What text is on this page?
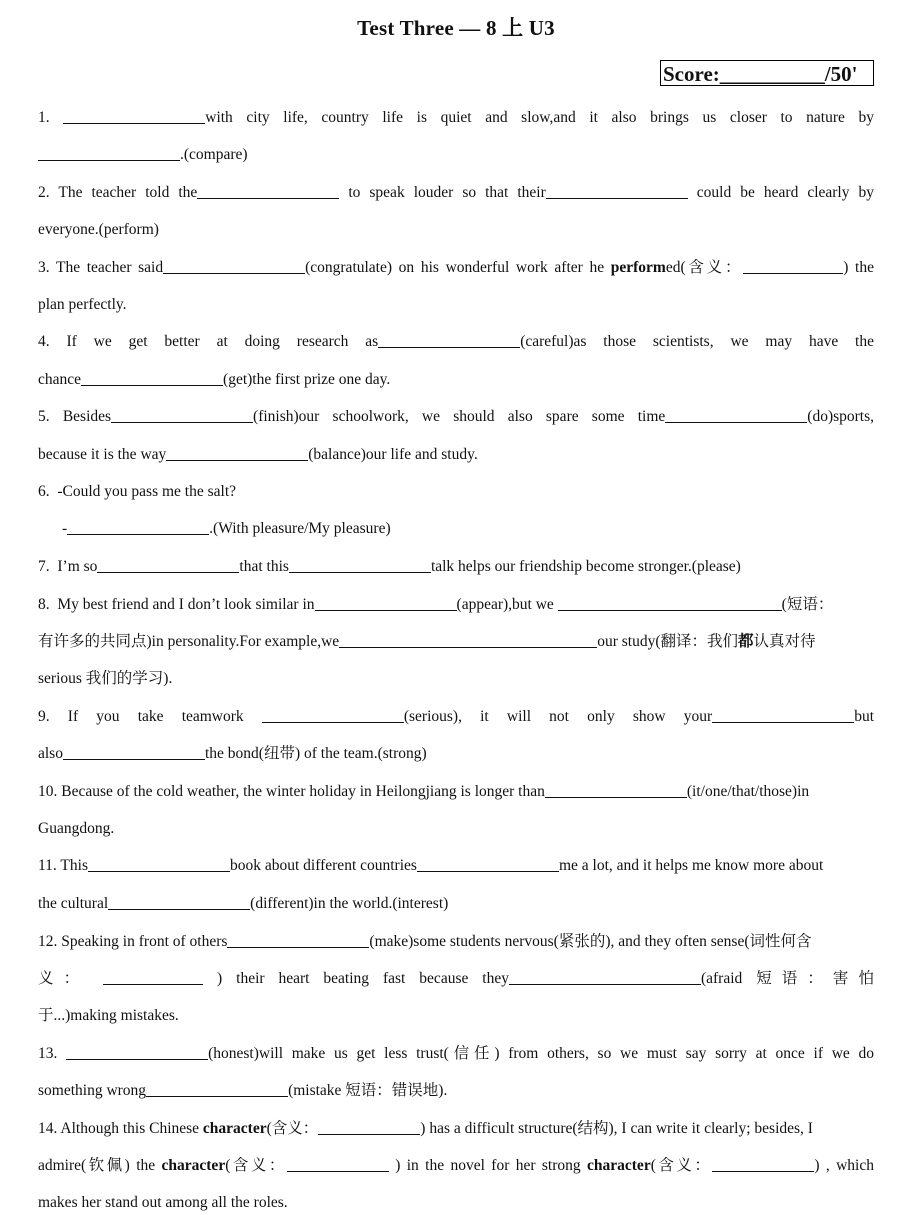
Test Three — 8 上 U3
Score:__________/50'
1.	with city life, country life is quiet and slow,and it also brings us closer to nature by
.(compare)
2. The teacher told the	to speak louder so that their	could be heard clearly by
everyone.(perform)
3. The teacher said	(congratulate) on his wonderful work after he performed(含义：	) the
plan perfectly.
4. If we get better at doing research as	(careful)as those scientists, we may have the
chance	(get)the first prize one day.
5. Besides	(finish)our schoolwork, we should also spare some time	(do)sports,
because it is the way	(balance)our life and study.
6. -Could you pass me the salt?
-	.(With pleasure/My pleasure)
7. I’m so	that this	talk helps our friendship become stronger.(please)
8. My best friend and I don’t look similar in	(appear),but we	(短语：
有许多的共同点)in personality.For example,we	our study(翻译：我们都认真对待
serious 我们的学习).
9. If you take teamwork	(serious), it will not only show your	but
also	the bond(纽带) of the team.(strong)
10. Because of the cold weather, the winter holiday in Heilongjiang is longer than	(it/one/that/those)in
Guangdong.
11. This	book about different countries	me a lot, and it helps me know more about
the cultural	(different)in the world.(interest)
12. Speaking in front of others	(make)some students nervous(紧张的), and they often sense(词性何含
义：	) their heart beating fast because they	(afraid 短语：害怕
于...)making mistakes.
13.	(honest)will make us get less trust(信任) from others, so we must say sorry at once if we do
something wrong	(mistake 短语：错误地).
14. Although this Chinese character(含义：	) has a difficult structure(结构), I can write it clearly; besides, I
admire(钦佩) the character(含义：	) in the novel for her strong character(含义：	) , which
makes her stand out among all the roles.
